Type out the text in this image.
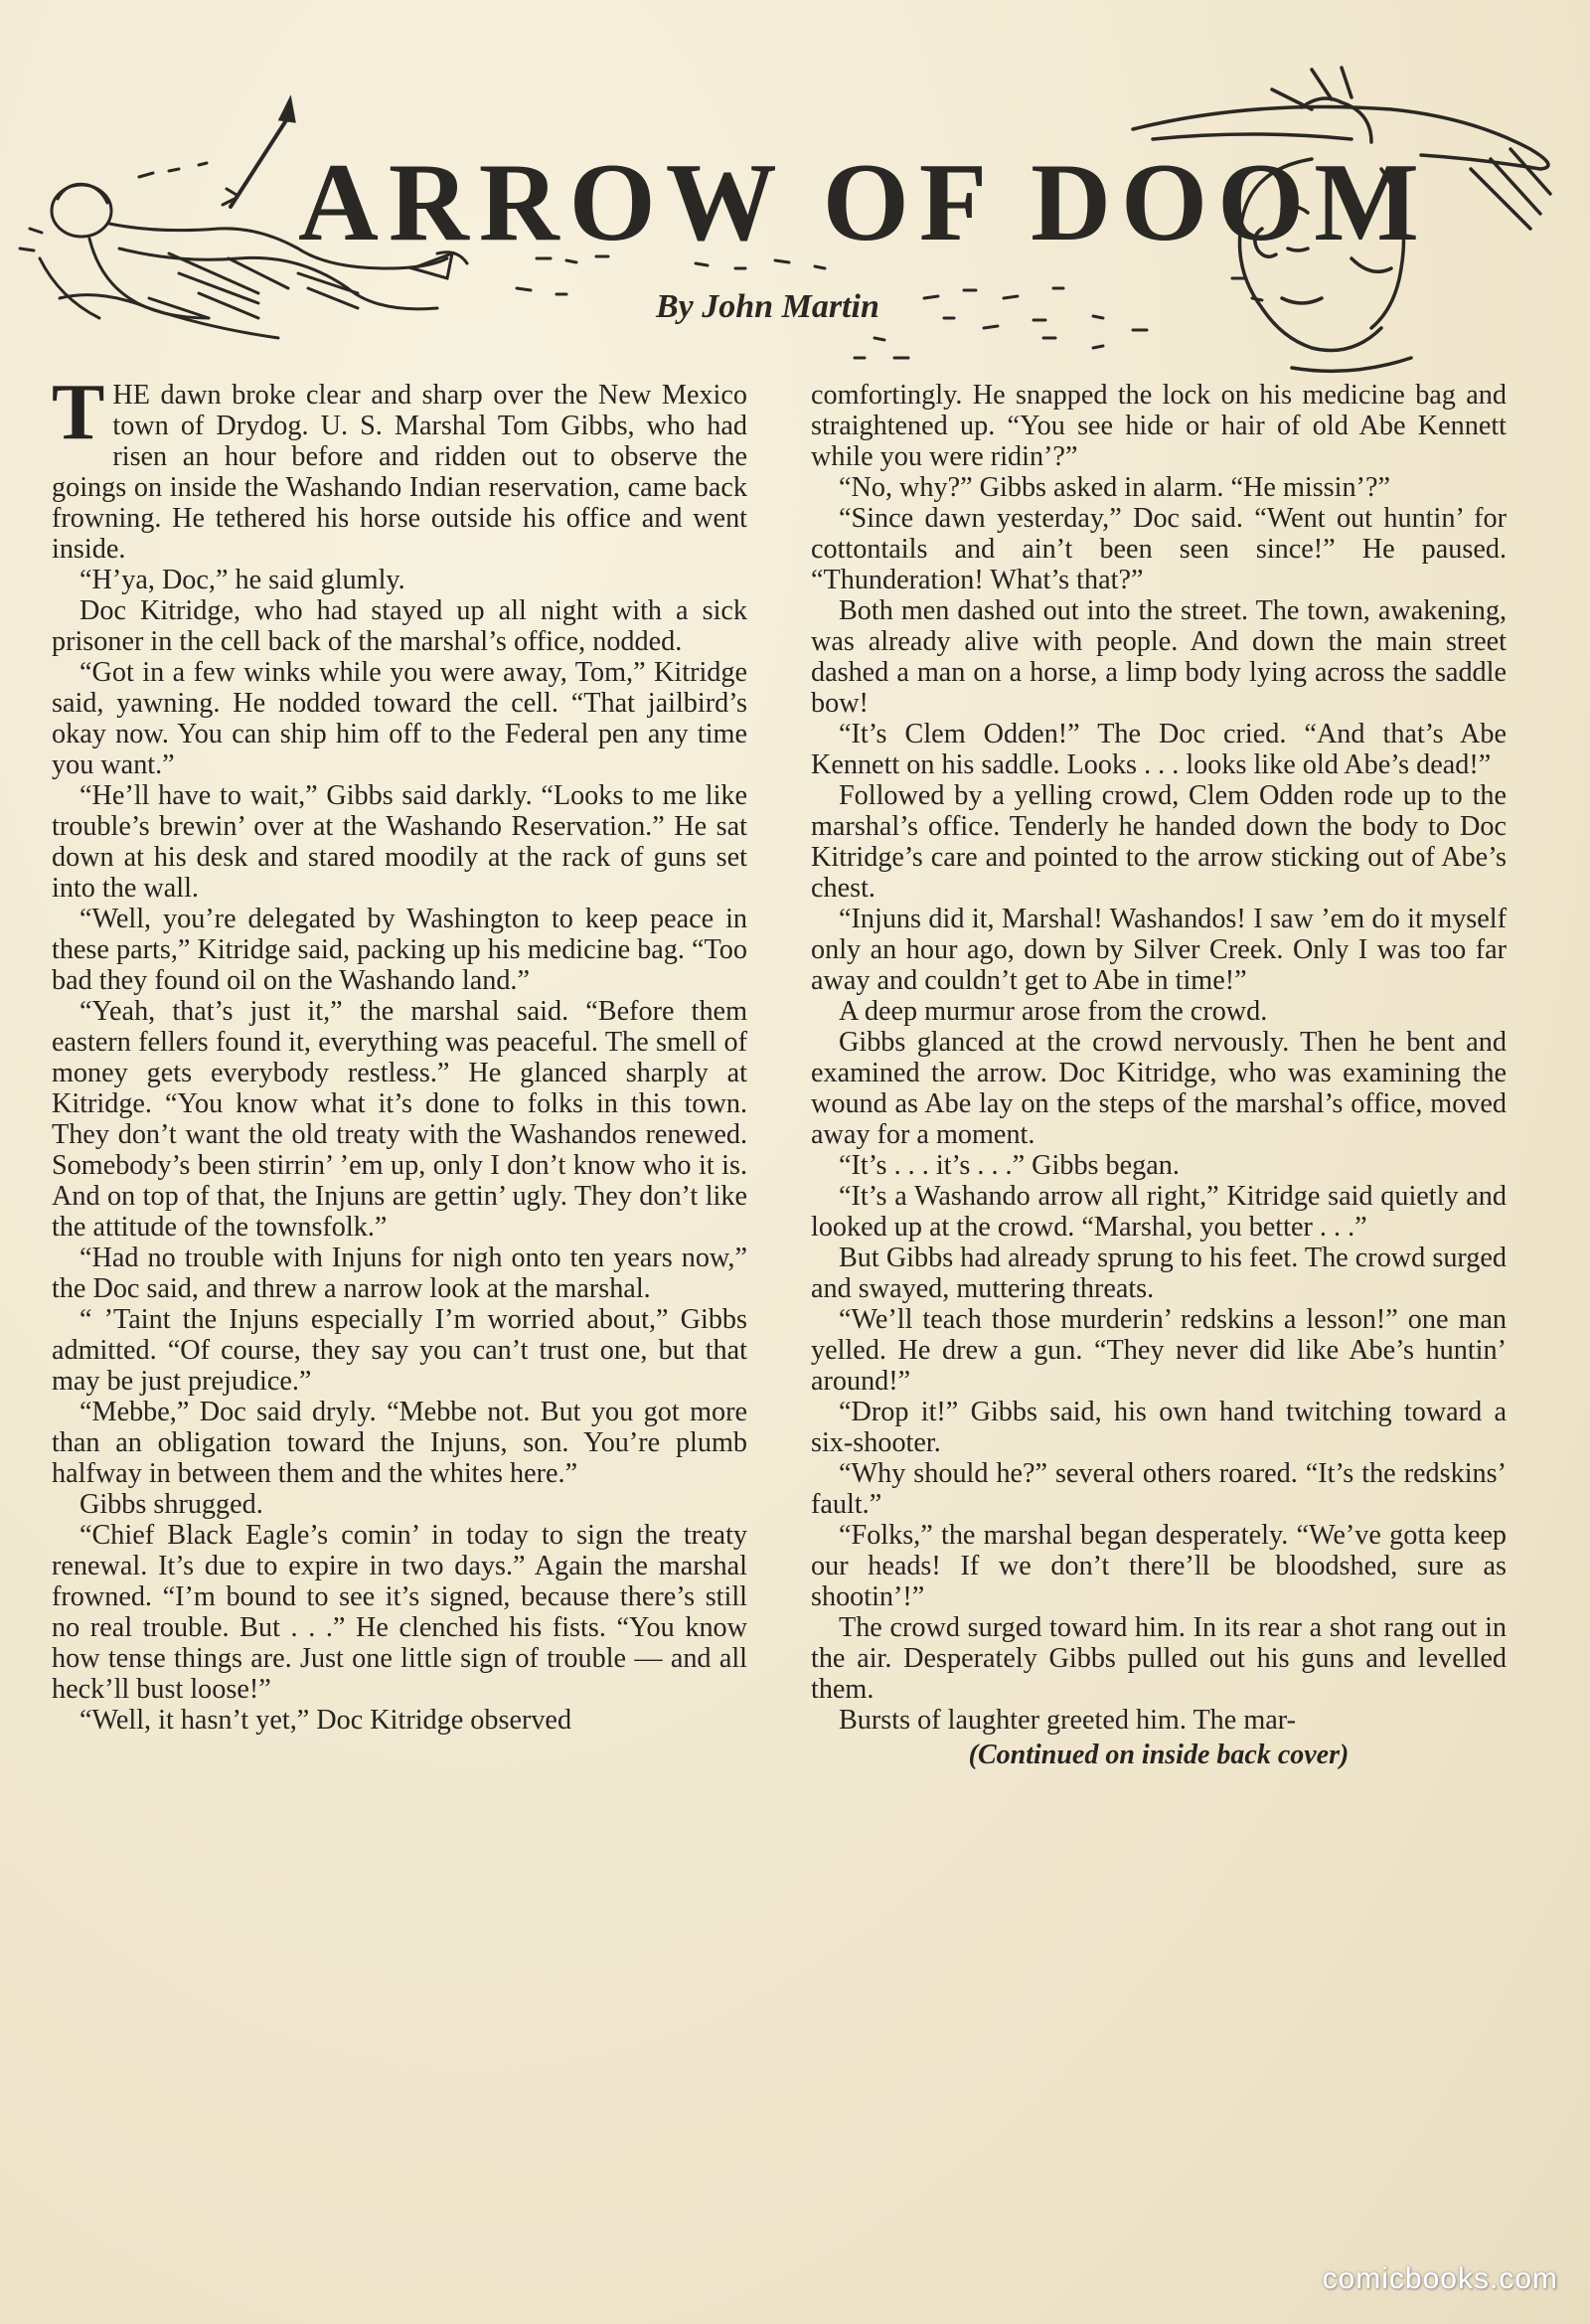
ARROW OF DOOM
By John Martin

THE dawn broke clear and sharp over the New Mexico town of Drydog. U. S. Marshal Tom Gibbs, who had risen an hour before and ridden out to observe the goings on inside the Washando Indian reservation, came back frowning. He tethered his horse outside his office and went inside.

“H’ya, Doc,” he said glumly.

Doc Kitridge, who had stayed up all night with a sick prisoner in the cell back of the marshal’s office, nodded.

“Got in a few winks while you were away, Tom,” Kitridge said, yawning. He nodded toward the cell. “That jailbird’s okay now. You can ship him off to the Federal pen any time you want.”

“He’ll have to wait,” Gibbs said darkly. “Looks to me like trouble’s brewin’ over at the Washando Reservation.” He sat down at his desk and stared moodily at the rack of guns set into the wall.

“Well, you’re delegated by Washington to keep peace in these parts,” Kitridge said, packing up his medicine bag. “Too bad they found oil on the Washando land.”

“Yeah, that’s just it,” the marshal said. “Before them eastern fellers found it, everything was peaceful. The smell of money gets everybody restless.” He glanced sharply at Kitridge. “You know what it’s done to folks in this town. They don’t want the old treaty with the Washandos renewed. Somebody’s been stirrin’ ’em up, only I don’t know who it is. And on top of that, the Injuns are gettin’ ugly. They don’t like the attitude of the townsfolk.”

“Had no trouble with Injuns for nigh onto ten years now,” the Doc said, and threw a narrow look at the marshal.

“ ’Taint the Injuns especially I’m worried about,” Gibbs admitted. “Of course, they say you can’t trust one, but that may be just prejudice.”

“Mebbe,” Doc said dryly. “Mebbe not. But you got more than an obligation toward the Injuns, son. You’re plumb halfway in between them and the whites here.”

Gibbs shrugged.

“Chief Black Eagle’s comin’ in today to sign the treaty renewal. It’s due to expire in two days.” Again the marshal frowned. “I’m bound to see it’s signed, because there’s still no real trouble. But . . .” He clenched his fists. “You know how tense things are. Just one little sign of trouble — and all heck’ll bust loose!”

“Well, it hasn’t yet,” Doc Kitridge observed

comfortingly. He snapped the lock on his medicine bag and straightened up. “You see hide or hair of old Abe Kennett while you were ridin’?”

“No, why?” Gibbs asked in alarm. “He missin’?”

“Since dawn yesterday,” Doc said. “Went out huntin’ for cottontails and ain’t been seen since!” He paused. “Thunderation! What’s that?”

Both men dashed out into the street. The town, awakening, was already alive with people. And down the main street dashed a man on a horse, a limp body lying across the saddle bow!

“It’s Clem Odden!” The Doc cried. “And that’s Abe Kennett on his saddle. Looks . . . looks like old Abe’s dead!”

Followed by a yelling crowd, Clem Odden rode up to the marshal’s office. Tenderly he handed down the body to Doc Kitridge’s care and pointed to the arrow sticking out of Abe’s chest.

“Injuns did it, Marshal! Washandos! I saw ’em do it myself only an hour ago, down by Silver Creek. Only I was too far away and couldn’t get to Abe in time!”

A deep murmur arose from the crowd.

Gibbs glanced at the crowd nervously. Then he bent and examined the arrow. Doc Kitridge, who was examining the wound as Abe lay on the steps of the marshal’s office, moved away for a moment.

“It’s . . . it’s . . .” Gibbs began.

“It’s a Washando arrow all right,” Kitridge said quietly and looked up at the crowd. “Marshal, you better . . .”

But Gibbs had already sprung to his feet. The crowd surged and swayed, muttering threats.

“We’ll teach those murderin’ redskins a lesson!” one man yelled. He drew a gun. “They never did like Abe’s huntin’ around!”

“Drop it!” Gibbs said, his own hand twitching toward a six-shooter.

“Why should he?” several others roared. “It’s the redskins’ fault.”

“Folks,” the marshal began desperately. “We’ve gotta keep our heads! If we don’t there’ll be bloodshed, sure as shootin’!”

The crowd surged toward him. In its rear a shot rang out in the air. Desperately Gibbs pulled out his guns and levelled them.

Bursts of laughter greeted him. The mar-

(Continued on inside back cover)
comicbooks.com
